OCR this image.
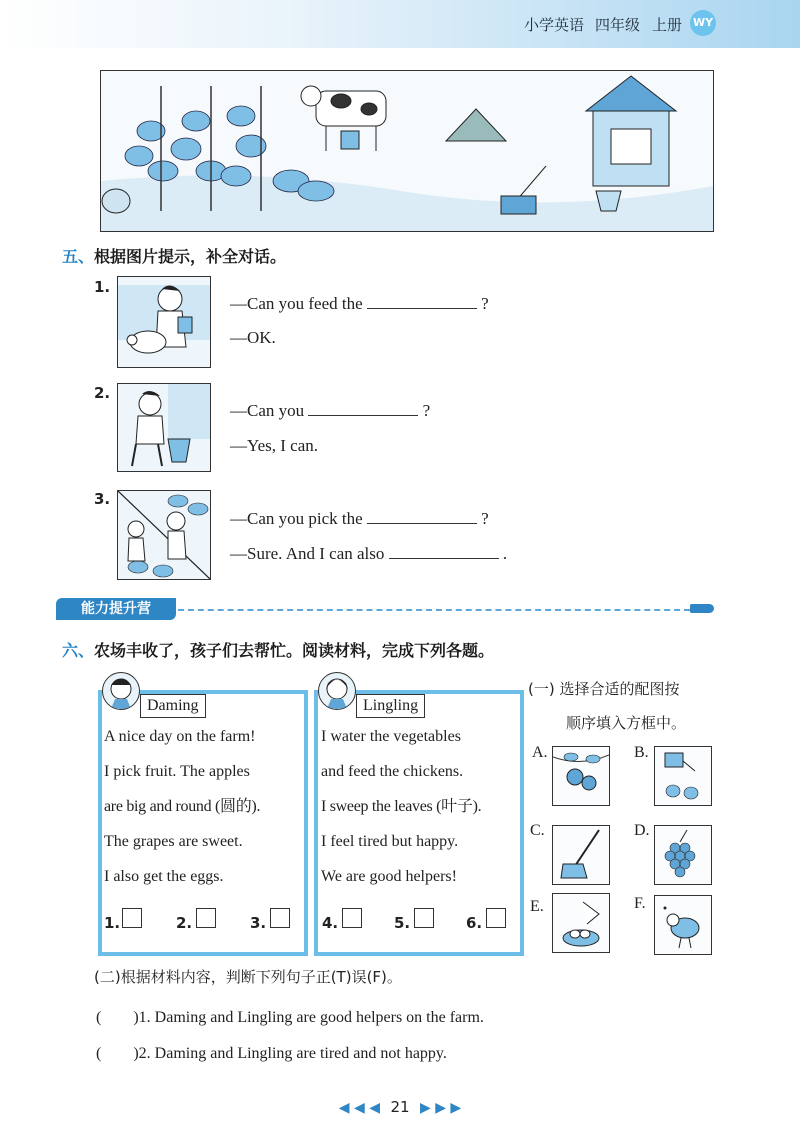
小学英语 四年级 上册 WY
五、根据图片提示，补全对话。
1.
—Can you feed the	?
—OK.
2.
—Can you	?
—Yes, I can.
3.
—Can you pick the	?
—Sure. And I can also	.
能力提升营
六、农场丰收了，孩子们去帮忙。阅读材料，完成下列各题。
Daming
A nice day on the farm!
I pick fruit. The apples
are big and round (圆的).
The grapes are sweet.
I also get the eggs.
1.	2.	3.
Lingling
I water the vegetables
and feed the chickens.
I sweep the leaves (叶子).
I feel tired but happy.
We are good helpers!
4.	5.	6.
(一) 选择合适的配图按
顺序填入方框中。
A.	B.
C.	D.
E.	F.
(二)根据材料内容，判断下列句子正(T)误(F)。
(　　)1. Daming and Lingling are good helpers on the farm.
(　　)2. Daming and Lingling are tired and not happy.
◀ ◀ ◀ 21 ▶ ▶ ▶
